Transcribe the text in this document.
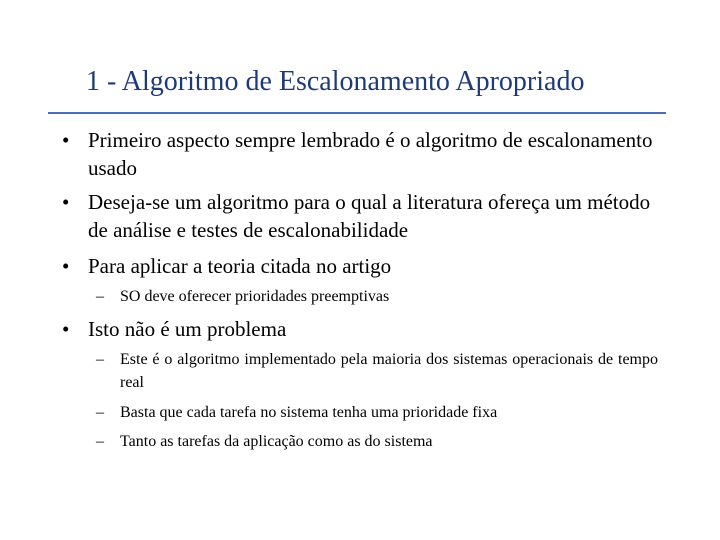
1 - Algoritmo de Escalonamento Apropriado
• Primeiro aspecto sempre lembrado é o algoritmo de escalonamento usado
• Deseja-se um algoritmo para o qual a literatura ofereça um método de análise e testes de escalonabilidade
• Para aplicar a teoria citada no artigo
–	SO deve oferecer prioridades preemptivas
• Isto não é um problema
–	Este é o algoritmo implementado pela maioria dos sistemas operacionais de tempo real
–	Basta que cada tarefa no sistema tenha uma prioridade fixa
–	Tanto as tarefas da aplicação como as do sistema
